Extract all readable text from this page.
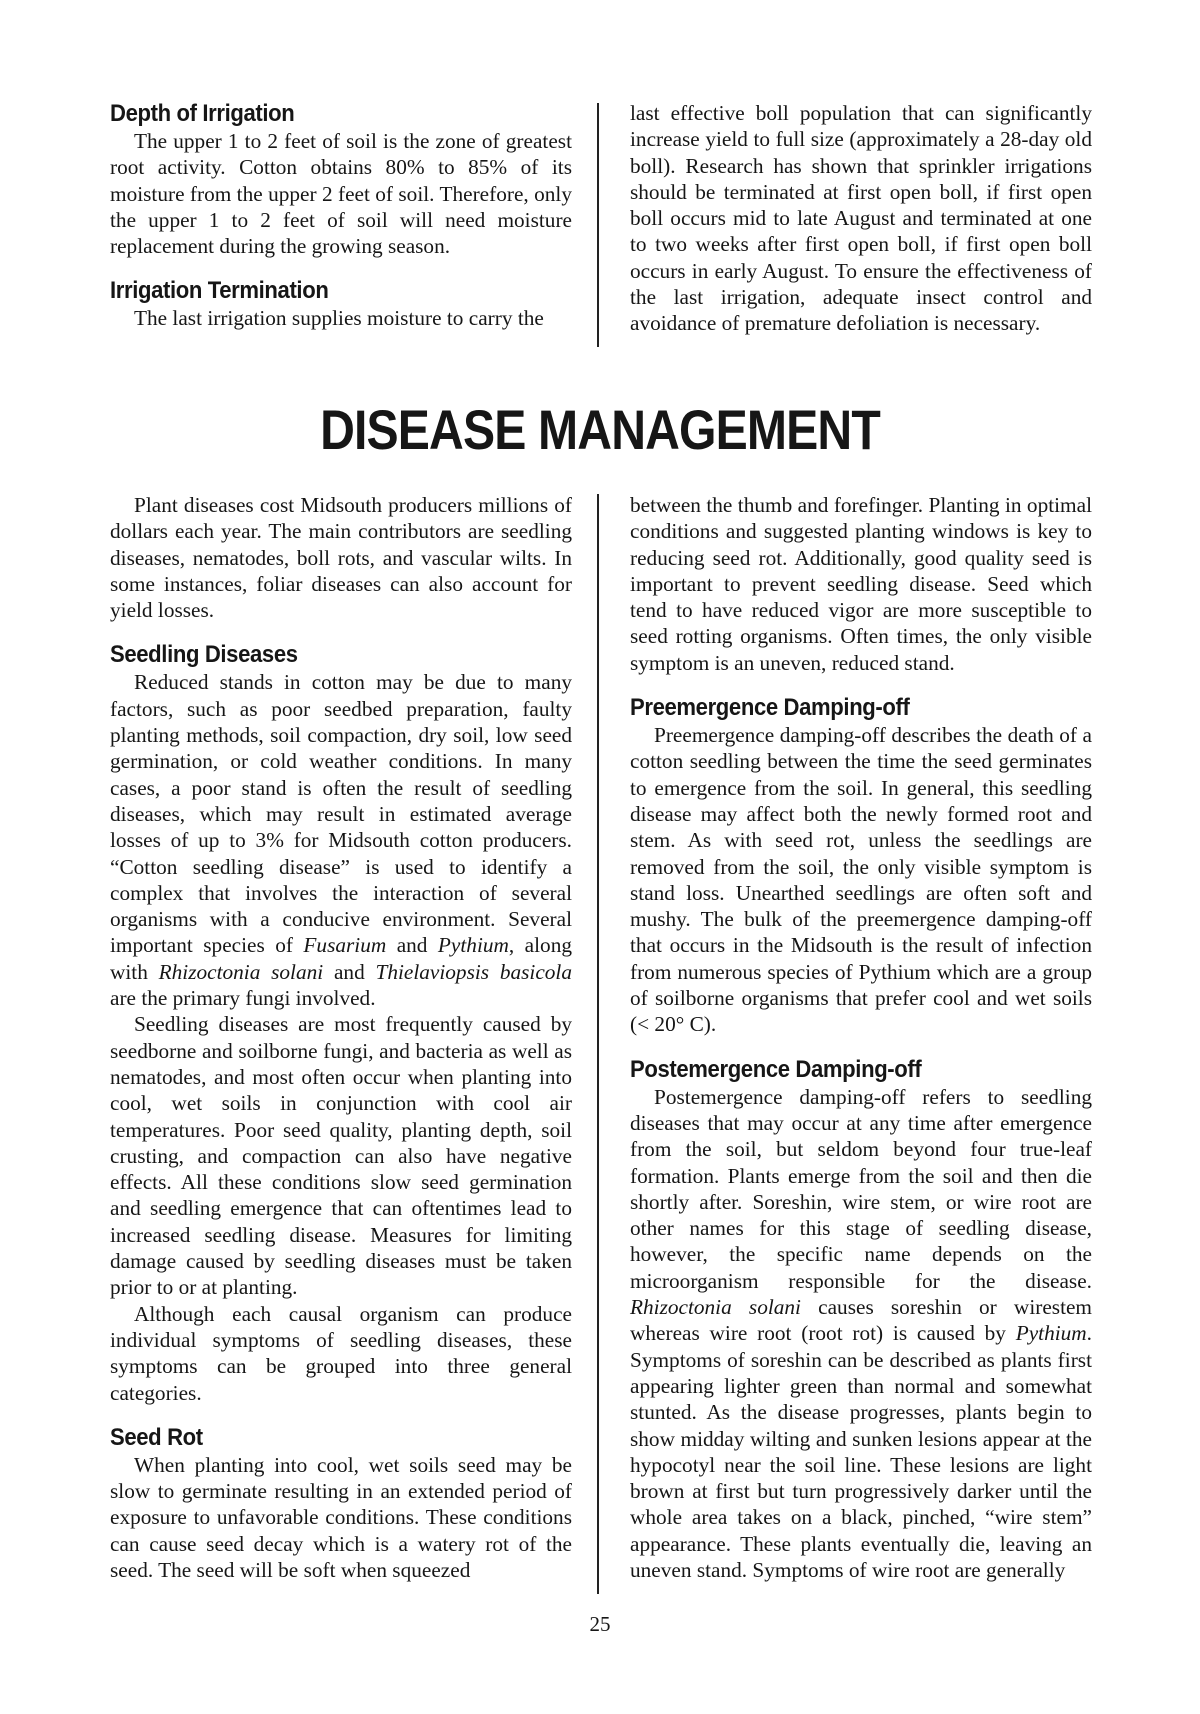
Depth of Irrigation

The upper 1 to 2 feet of soil is the zone of greatest root activity. Cotton obtains 80% to 85% of its moisture from the upper 2 feet of soil. Therefore, only the upper 1 to 2 feet of soil will need moisture replacement during the growing season.

Irrigation Termination

The last irrigation supplies moisture to carry the

last effective boll population that can significantly increase yield to full size (approximately a 28-day old boll). Research has shown that sprinkler irrigations should be terminated at first open boll, if first open boll occurs mid to late August and terminated at one to two weeks after first open boll, if first open boll occurs in early August. To ensure the effectiveness of the last irrigation, adequate insect control and avoidance of premature defoliation is necessary.

DISEASE MANAGEMENT

Plant diseases cost Midsouth producers millions of dollars each year. The main contributors are seedling diseases, nematodes, boll rots, and vascular wilts. In some instances, foliar diseases can also account for yield losses.

Seedling Diseases

Reduced stands in cotton may be due to many factors, such as poor seedbed preparation, faulty planting methods, soil compaction, dry soil, low seed germination, or cold weather conditions. In many cases, a poor stand is often the result of seedling diseases, which may result in estimated average losses of up to 3% for Midsouth cotton producers. “Cotton seedling disease” is used to identify a complex that involves the interaction of several organisms with a conducive environment. Several important species of Fusarium and Pythium, along with Rhizoctonia solani and Thielaviopsis basicola are the primary fungi involved.

Seedling diseases are most frequently caused by seedborne and soilborne fungi, and bacteria as well as nematodes, and most often occur when planting into cool, wet soils in conjunction with cool air temperatures. Poor seed quality, planting depth, soil crusting, and compaction can also have negative effects. All these conditions slow seed germination and seedling emergence that can oftentimes lead to increased seedling disease. Measures for limiting damage caused by seedling diseases must be taken prior to or at planting.

Although each causal organism can produce individual symptoms of seedling diseases, these symptoms can be grouped into three general categories.

Seed Rot

When planting into cool, wet soils seed may be slow to germinate resulting in an extended period of exposure to unfavorable conditions. These conditions can cause seed decay which is a watery rot of the seed. The seed will be soft when squeezed

between the thumb and forefinger. Planting in optimal conditions and suggested planting windows is key to reducing seed rot. Additionally, good quality seed is important to prevent seedling disease. Seed which tend to have reduced vigor are more susceptible to seed rotting organisms. Often times, the only visible symptom is an uneven, reduced stand.

Preemergence Damping-off

Preemergence damping-off describes the death of a cotton seedling between the time the seed germinates to emergence from the soil. In general, this seedling disease may affect both the newly formed root and stem. As with seed rot, unless the seedlings are removed from the soil, the only visible symptom is stand loss. Unearthed seedlings are often soft and mushy. The bulk of the preemergence damping-off that occurs in the Midsouth is the result of infection from numerous species of Pythium which are a group of soilborne organisms that prefer cool and wet soils (< 20° C).

Postemergence Damping-off

Postemergence damping-off refers to seedling diseases that may occur at any time after emergence from the soil, but seldom beyond four true-leaf formation. Plants emerge from the soil and then die shortly after. Soreshin, wire stem, or wire root are other names for this stage of seedling disease, however, the specific name depends on the microorganism responsible for the disease. Rhizoctonia solani causes soreshin or wirestem whereas wire root (root rot) is caused by Pythium. Symptoms of soreshin can be described as plants first appearing lighter green than normal and somewhat stunted. As the disease progresses, plants begin to show midday wilting and sunken lesions appear at the hypocotyl near the soil line. These lesions are light brown at first but turn progressively darker until the whole area takes on a black, pinched, “wire stem” appearance. These plants eventually die, leaving an uneven stand. Symptoms of wire root are generally

25
